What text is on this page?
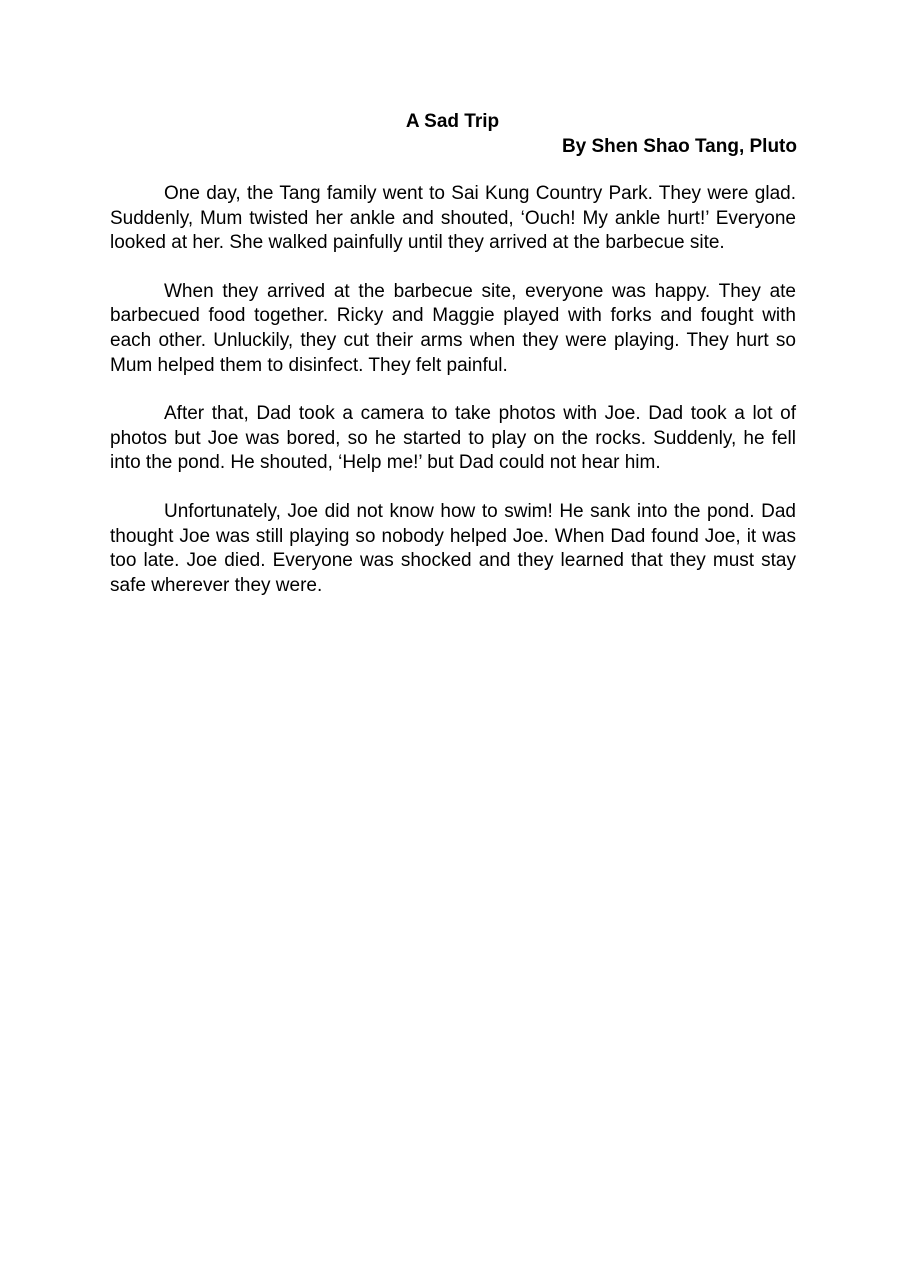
A Sad Trip
By Shen Shao Tang, Pluto

One day, the Tang family went to Sai Kung Country Park. They were glad. Suddenly, Mum twisted her ankle and shouted, ‘Ouch! My ankle hurt!’ Everyone looked at her. She walked painfully until they arrived at the barbecue site.

When they arrived at the barbecue site, everyone was happy. They ate barbecued food together. Ricky and Maggie played with forks and fought with each other. Unluckily, they cut their arms when they were playing. They hurt so Mum helped them to disinfect. They felt painful.

After that, Dad took a camera to take photos with Joe. Dad took a lot of photos but Joe was bored, so he started to play on the rocks. Suddenly, he fell into the pond. He shouted, ‘Help me!’ but Dad could not hear him.

Unfortunately, Joe did not know how to swim! He sank into the pond. Dad thought Joe was still playing so nobody helped Joe. When Dad found Joe, it was too late. Joe died. Everyone was shocked and they learned that they must stay safe wherever they were.
